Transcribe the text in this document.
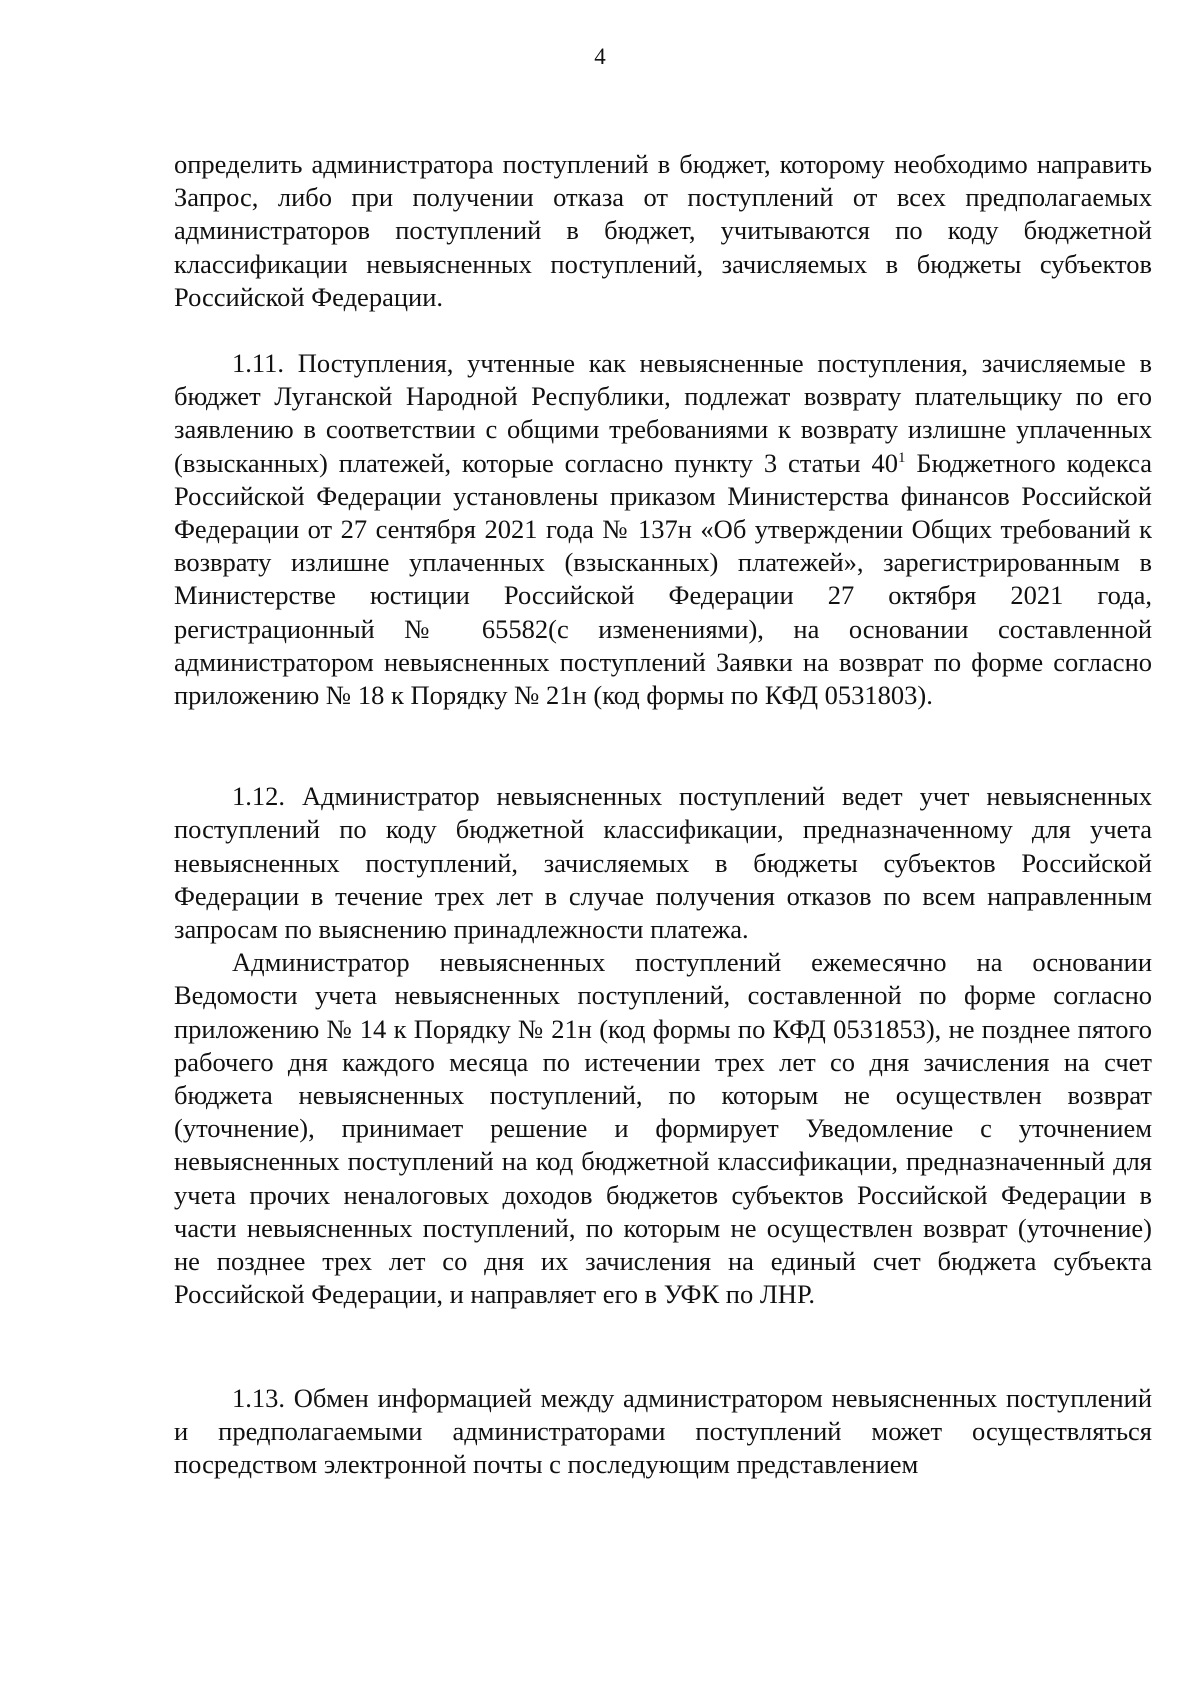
4

определить администратора поступлений в бюджет, которому необходимо направить Запрос, либо при получении отказа от поступлений от всех предполагаемых администраторов поступлений в бюджет, учитываются по коду бюджетной классификации невыясненных поступлений, зачисляемых в бюджеты субъектов Российской Федерации.

1.11. Поступления, учтенные как невыясненные поступления, зачисляемые в бюджет Луганской Народной Республики, подлежат возврату плательщику по его заявлению в соответствии с общими требованиями к возврату излишне уплаченных (взысканных) платежей, которые согласно пункту 3 статьи $40^1$ Бюджетного кодекса Российской Федерации установлены приказом Министерства финансов Российской Федерации от 27 сентября 2021 года № 137н «Об утверждении Общих требований к возврату излишне уплаченных (взысканных) платежей», зарегистрированным в Министерстве юстиции Российской Федерации 27 октября 2021 года, регистрационный № 65582(с изменениями), на основании составленной администратором невыясненных поступлений Заявки на возврат по форме согласно приложению № 18 к Порядку № 21н (код формы по КФД 0531803).

1.12. Администратор невыясненных поступлений ведет учет невыясненных поступлений по коду бюджетной классификации, предназначенному для учета невыясненных поступлений, зачисляемых в бюджеты субъектов Российской Федерации в течение трех лет в случае получения отказов по всем направленным запросам по выяснению принадлежности платежа.

Администратор невыясненных поступлений ежемесячно на основании Ведомости учета невыясненных поступлений, составленной по форме согласно приложению № 14 к Порядку № 21н (код формы по КФД 0531853), не позднее пятого рабочего дня каждого месяца по истечении трех лет со дня зачисления на счет бюджета невыясненных поступлений, по которым не осуществлен возврат (уточнение), принимает решение и формирует Уведомление с уточнением невыясненных поступлений на код бюджетной классификации, предназначенный для учета прочих неналоговых доходов бюджетов субъектов Российской Федерации в части невыясненных поступлений, по которым не осуществлен возврат (уточнение) не позднее трех лет со дня их зачисления на единый счет бюджета субъекта Российской Федерации, и направляет его в УФК по ЛНР.

1.13. Обмен информацией между администратором невыясненных поступлений и предполагаемыми администраторами поступлений может осуществляться посредством электронной почты с последующим представлением
